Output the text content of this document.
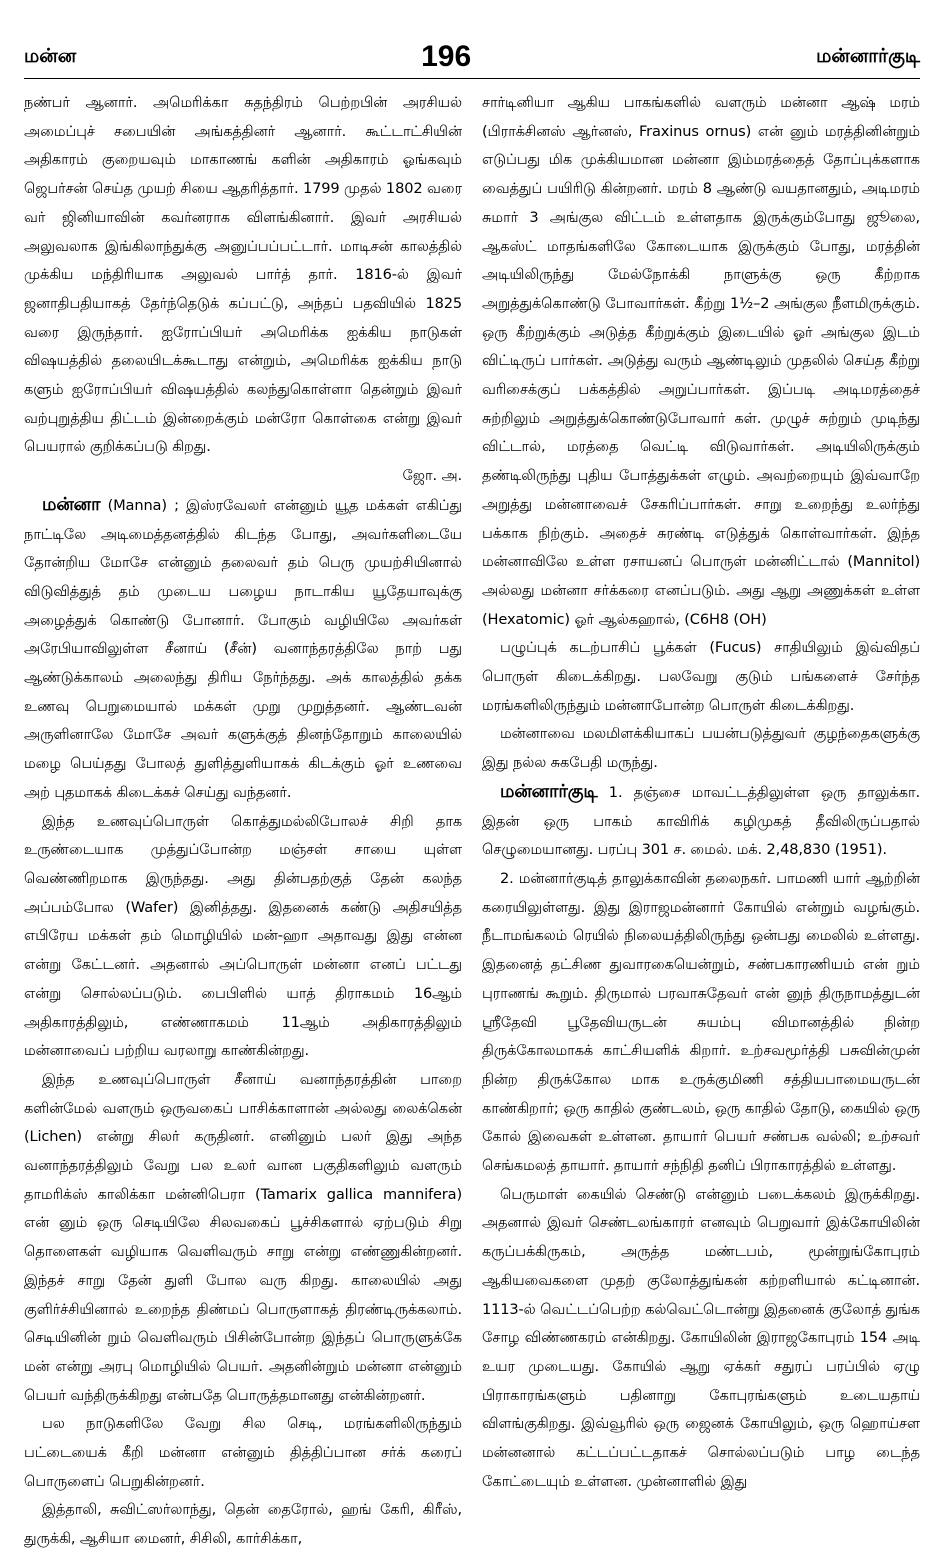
மன்ன	196	மன்னார்குடி

நண்பர் ஆனார். அமெரிக்கா சுதந்திரம் பெற்றபின் அரசியல் அமைப்புச் சபையின் அங்கத்தினர் ஆனார். கூட்டாட்சியின் அதிகாரம் குறையவும் மாகாணங் களின் அதிகாரம் ஓங்கவும் ஜெபர்சன் செய்த முயற் சியை ஆதரித்தார். 1799 முதல் 1802 வரை வர் ஜினியாவின் கவர்னராக விளங்கினார். இவர் அரசியல் அலுவலாக இங்கிலாந்துக்கு அனுப்பப்பட்டார். மாடிசன் காலத்தில் முக்கிய மந்திரியாக அலுவல் பார்த் தார். 1816-ல் இவர் ஜனாதிபதியாகத் தேர்ந்தெடுக் கப்பட்டு, அந்தப் பதவியில் 1825 வரை இருந்தார். ஐரோப்பியர் அமெரிக்க ஐக்கிய நாடுகள் விஷயத்தில் தலையிடக்கூடாது என்றும், அமெரிக்க ஐக்கிய நாடு களும் ஐரோப்பியர் விஷயத்தில் கலந்துகொள்ளா தென்றும் இவர் வற்புறுத்திய திட்டம் இன்றைக்கும் மன்ரோ கொள்கை என்று இவர் பெயரால் குறிக்கப்படு கிறது.

ஜோ. அ.

மன்னா (Manna) ; இஸ்ரவேலர் என்னும் யூத மக்கள் எகிப்து நாட்டிலே அடிமைத்தனத்தில் கிடந்த போது, அவர்களிடையே தோன்றிய மோசே என்னும் தலைவர் தம் பெரு முயற்சியினால் விடுவித்துத் தம் முடைய பழைய நாடாகிய யூதேயாவுக்கு அழைத்துக் கொண்டு போனார். போகும் வழியிலே அவர்கள் அரேபியாவிலுள்ள சீனாய் (சீன்) வனாந்தரத்திலே நாற் பது ஆண்டுக்காலம் அலைந்து திரிய நேர்ந்தது. அக் காலத்தில் தக்க உணவு பெறுமையால் மக்கள் முறு முறுத்தனர். ஆண்டவன் அருளினாலே மோசே அவர் களுக்குத் தினந்தோறும் காலையில் மழை பெய்தது போலத் துளித்துளியாகக் கிடக்கும் ஓர் உணவை அற் புதமாகக் கிடைக்கச் செய்து வந்தனர்.

இந்த உணவுப்பொருள் கொத்துமல்லிபோலச் சிறி தாக உருண்டையாக முத்துப்போன்ற மஞ்சள் சாயை யுள்ள வெண்ணிறமாக இருந்தது. அது தின்பதற்குத் தேன் கலந்த அப்பம்போல (Wafer) இனித்தது. இதனைக் கண்டு அதிசயித்த எபிரேய மக்கள் தம் மொழியில் மன்-ஹா அதாவது இது என்ன என்று கேட்டனர். அதனால் அப்பொருள் மன்னா எனப் பட்டது என்று சொல்லப்படும். பைபிளில் யாத் திராகமம் 16ஆம் அதிகாரத்திலும், எண்ணாகமம் 11ஆம் அதிகாரத்திலும் மன்னாவைப் பற்றிய வரலாறு காண்கின்றது.

இந்த உணவுப்பொருள் சீனாய் வனாந்தரத்தின் பாறை களின்மேல் வளரும் ஒருவகைப் பாசிக்காளான் அல்லது லைக்கென் (Lichen) என்று சிலர் கருதினர். எனினும் பலர் இது அந்த வனாந்தரத்திலும் வேறு பல உலர் வான பகுதிகளிலும் வளரும் தாமரிக்ஸ் காலிக்கா மன்னிபெரா (Tamarix gallica mannifera) என் னும் ஒரு செடியிலே சிலவகைப் பூச்சிகளால் ஏற்படும் சிறு தொளைகள் வழியாக வெளிவரும் சாறு என்று எண்ணுகின்றனர். இந்தச் சாறு தேன் துளி போல வரு கிறது. காலையில் அது குளிர்ச்சியினால் உறைந்த திண்மப் பொருளாகத் திரண்டிருக்கலாம். செடியினின் றும் வெளிவரும் பிசின்போன்ற இந்தப் பொருளுக்கே மன் என்று அரபு மொழியில் பெயர். அதனின்றும் மன்னா என்னும் பெயர் வந்திருக்கிறது என்பதே பொருத்தமானது என்கின்றனர்.

பல நாடுகளிலே வேறு சில செடி, மரங்களிலிருந்தும் பட்டையைக் கீறி மன்னா என்னும் தித்திப்பான சர்க் கரைப் பொருளைப் பெறுகின்றனர்.

இத்தாலி, சுவிட்ஸர்லாந்து, தென் தைரோல், ஹங் கேரி, கிரீஸ், துருக்கி, ஆசியா மைனர், சிசிலி, கார்சிக்கா,

சார்டினியா ஆகிய பாகங்களில் வளரும் மன்னா ஆஷ் மரம் (பிராக்சினஸ் ஆர்னஸ், Fraxinus ornus) என் னும் மரத்தினின்றும் எடுப்பது மிக முக்கியமான மன்னா இம்மரத்தைத் தோப்புக்களாக வைத்துப் பயிரிடு கின்றனர். மரம் 8 ஆண்டு வயதானதும், அடிமரம் சுமார் 3 அங்குல விட்டம் உள்ளதாக இருக்கும்போது ஜூலை, ஆகஸ்ட் மாதங்களிலே கோடையாக இருக்கும் போது, மரத்தின் அடியிலிருந்து மேல்நோக்கி நாளுக்கு ஒரு கீற்றாக அறுத்துக்கொண்டு போவார்கள். கீற்று 1½–2 அங்குல நீளமிருக்கும். ஒரு கீற்றுக்கும் அடுத்த கீற்றுக்கும் இடையில் ஓர் அங்குல இடம் விட்டிருப் பார்கள். அடுத்து வரும் ஆண்டிலும் முதலில் செய்த கீற்று வரிசைக்குப் பக்கத்தில் அறுப்பார்கள். இப்படி அடிமரத்தைச் சுற்றிலும் அறுத்துக்கொண்டுபோவார் கள். முழுச் சுற்றும் முடிந்து விட்டால், மரத்தை வெட்டி விடுவார்கள். அடியிலிருக்கும் தண்டிலிருந்து புதிய போத்துக்கள் எழும். அவற்றையும் இவ்வாறே அறுத்து மன்னாவைச் சேகரிப்பார்கள். சாறு உறைந்து உலர்ந்து பக்காக நிற்கும். அதைச் சுரண்டி எடுத்துக் கொள்வார்கள். இந்த மன்னாவிலே உள்ள ரசாயனப் பொருள் மன்னிட்டால் (Mannitol) அல்லது மன்னா சர்க்கரை எனப்படும். அது ஆறு அணுக்கள் உள்ள (Hexatomic) ஓர் ஆல்கஹால், (C6H8 (OH)

பழுப்புக் கடற்பாசிப் பூக்கள் (Fucus) சாதியிலும் இவ்விதப் பொருள் கிடைக்கிறது. பலவேறு குடும் பங்களைச் சேர்ந்த மரங்களிலிருந்தும் மன்னாபோன்ற பொருள் கிடைக்கிறது.

மன்னாவை மலமிளக்கியாகப் பயன்படுத்துவர் குழந்தைகளுக்கு இது நல்ல சுகபேதி மருந்து.

மன்னார்குடி 1. தஞ்சை மாவட்டத்திலுள்ள ஒரு தாலுக்கா. இதன் ஒரு பாகம் காவிரிக் கழிமுகத் தீவிலிருப்பதால் செழுமையானது. பரப்பு 301 ச. மைல். மக். 2,48,830 (1951).

2. மன்னார்குடித் தாலுக்காவின் தலைநகர். பாமணி யார் ஆற்றின் கரையிலுள்ளது. இது இராஜமன்னார் கோயில் என்றும் வழங்கும். நீடாமங்கலம் ரெயில் நிலையத்திலிருந்து ஒன்பது மைலில் உள்ளது. இதனைத் தட்சிண துவாரகையென்றும், சண்பகாரணியம் என் றும் புராணங் கூறும். திருமால் பரவாசுதேவர் என் னுந் திருநாமத்துடன் ஸ்ரீதேவி பூதேவியருடன் சுயம்பு விமானத்தில் நின்ற திருக்கோலமாகக் காட்சியளிக் கிறார். உற்சவமூர்த்தி பசுவின்முன் நின்ற திருக்கோல மாக உருக்குமிணி சத்தியபாமையருடன் காண்கிறார்; ஒரு காதில் குண்டலம், ஒரு காதில் தோடு, கையில் ஒரு கோல் இவைகள் உள்ளன. தாயார் பெயர் சண்பக வல்லி; உற்சவர் செங்கமலத் தாயார். தாயார் சந்நிதி தனிப் பிராகாரத்தில் உள்ளது.

பெருமாள் கையில் செண்டு என்னும் படைக்கலம் இருக்கிறது. அதனால் இவர் செண்டலங்காரர் எனவும் பெறுவார் இக்கோயிலின் கருப்பக்கிருகம், அருத்த மண்டபம், மூன்றுங்கோபுரம் ஆகியவைகளை முதற் குலோத்துங்கன் கற்றளியால் கட்டினான். 1113-ல் வெட்டப்பெற்ற கல்வெட்டொன்று இதனைக் குலோத் துங்க சோழ விண்ணகரம் என்கிறது. கோயிலின் இராஜகோபுரம் 154 அடி உயர முடையது. கோயில் ஆறு ஏக்கர் சதுரப் பரப்பில் ஏழு பிராகாரங்களும் பதினாறு கோபுரங்களும் உடையதாய் விளங்குகிறது. இவ்வூரில் ஒரு ஜைனக் கோயிலும், ஒரு ஹொய்சள மன்னனால் கட்டப்பட்டதாகச் சொல்லப்படும் பாழ டைந்த கோட்டையும் உள்ளன. முன்னாளில் இது
